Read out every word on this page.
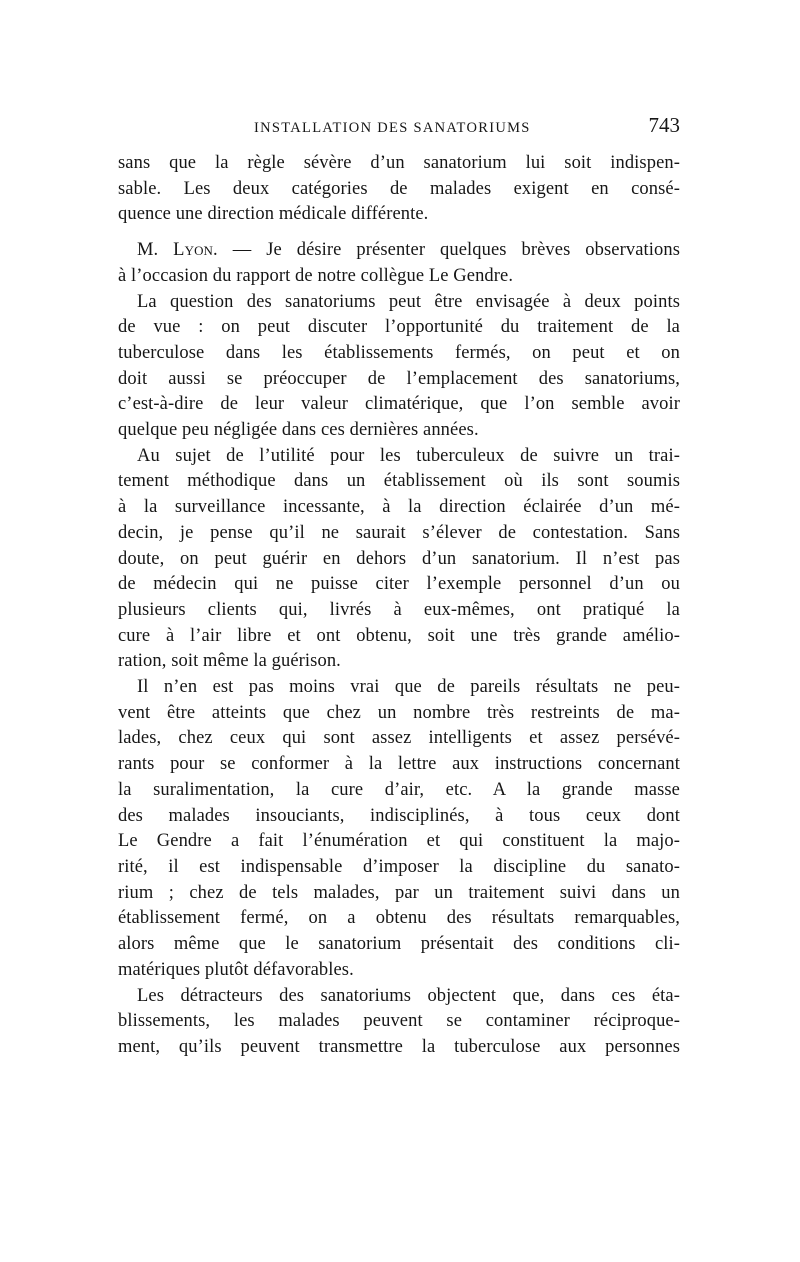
INSTALLATION DES SANATORIUMS	743

sans que la règle sévère d’un sanatorium lui soit indispen-
sable. Les deux catégories de malades exigent en consé-
quence une direction médicale différente.

M. Lyon. — Je désire présenter quelques brèves observations
à l’occasion du rapport de notre collègue Le Gendre.

La question des sanatoriums peut être envisagée à deux points
de vue : on peut discuter l’opportunité du traitement de la
tuberculose dans les établissements fermés, on peut et on
doit aussi se préoccuper de l’emplacement des sanatoriums,
c’est-à-dire de leur valeur climatérique, que l’on semble avoir
quelque peu négligée dans ces dernières années.

Au sujet de l’utilité pour les tuberculeux de suivre un trai-
tement méthodique dans un établissement où ils sont soumis
à la surveillance incessante, à la direction éclairée d’un mé-
decin, je pense qu’il ne saurait s’élever de contestation. Sans
doute, on peut guérir en dehors d’un sanatorium. Il n’est pas
de médecin qui ne puisse citer l’exemple personnel d’un ou
plusieurs clients qui, livrés à eux-mêmes, ont pratiqué la
cure à l’air libre et ont obtenu, soit une très grande amélio-
ration, soit même la guérison.

Il n’en est pas moins vrai que de pareils résultats ne peu-
vent être atteints que chez un nombre très restreints de ma-
lades, chez ceux qui sont assez intelligents et assez persévé-
rants pour se conformer à la lettre aux instructions concernant
la suralimentation, la cure d’air, etc. A la grande masse
des malades insouciants, indisciplinés, à tous ceux dont
Le Gendre a fait l’énumération et qui constituent la majo-
rité, il est indispensable d’imposer la discipline du sanato-
rium ; chez de tels malades, par un traitement suivi dans un
établissement fermé, on a obtenu des résultats remarquables,
alors même que le sanatorium présentait des conditions cli-
matériques plutôt défavorables.

Les détracteurs des sanatoriums objectent que, dans ces éta-
blissements, les malades peuvent se contaminer réciproque-
ment, qu’ils peuvent transmettre la tuberculose aux personnes
